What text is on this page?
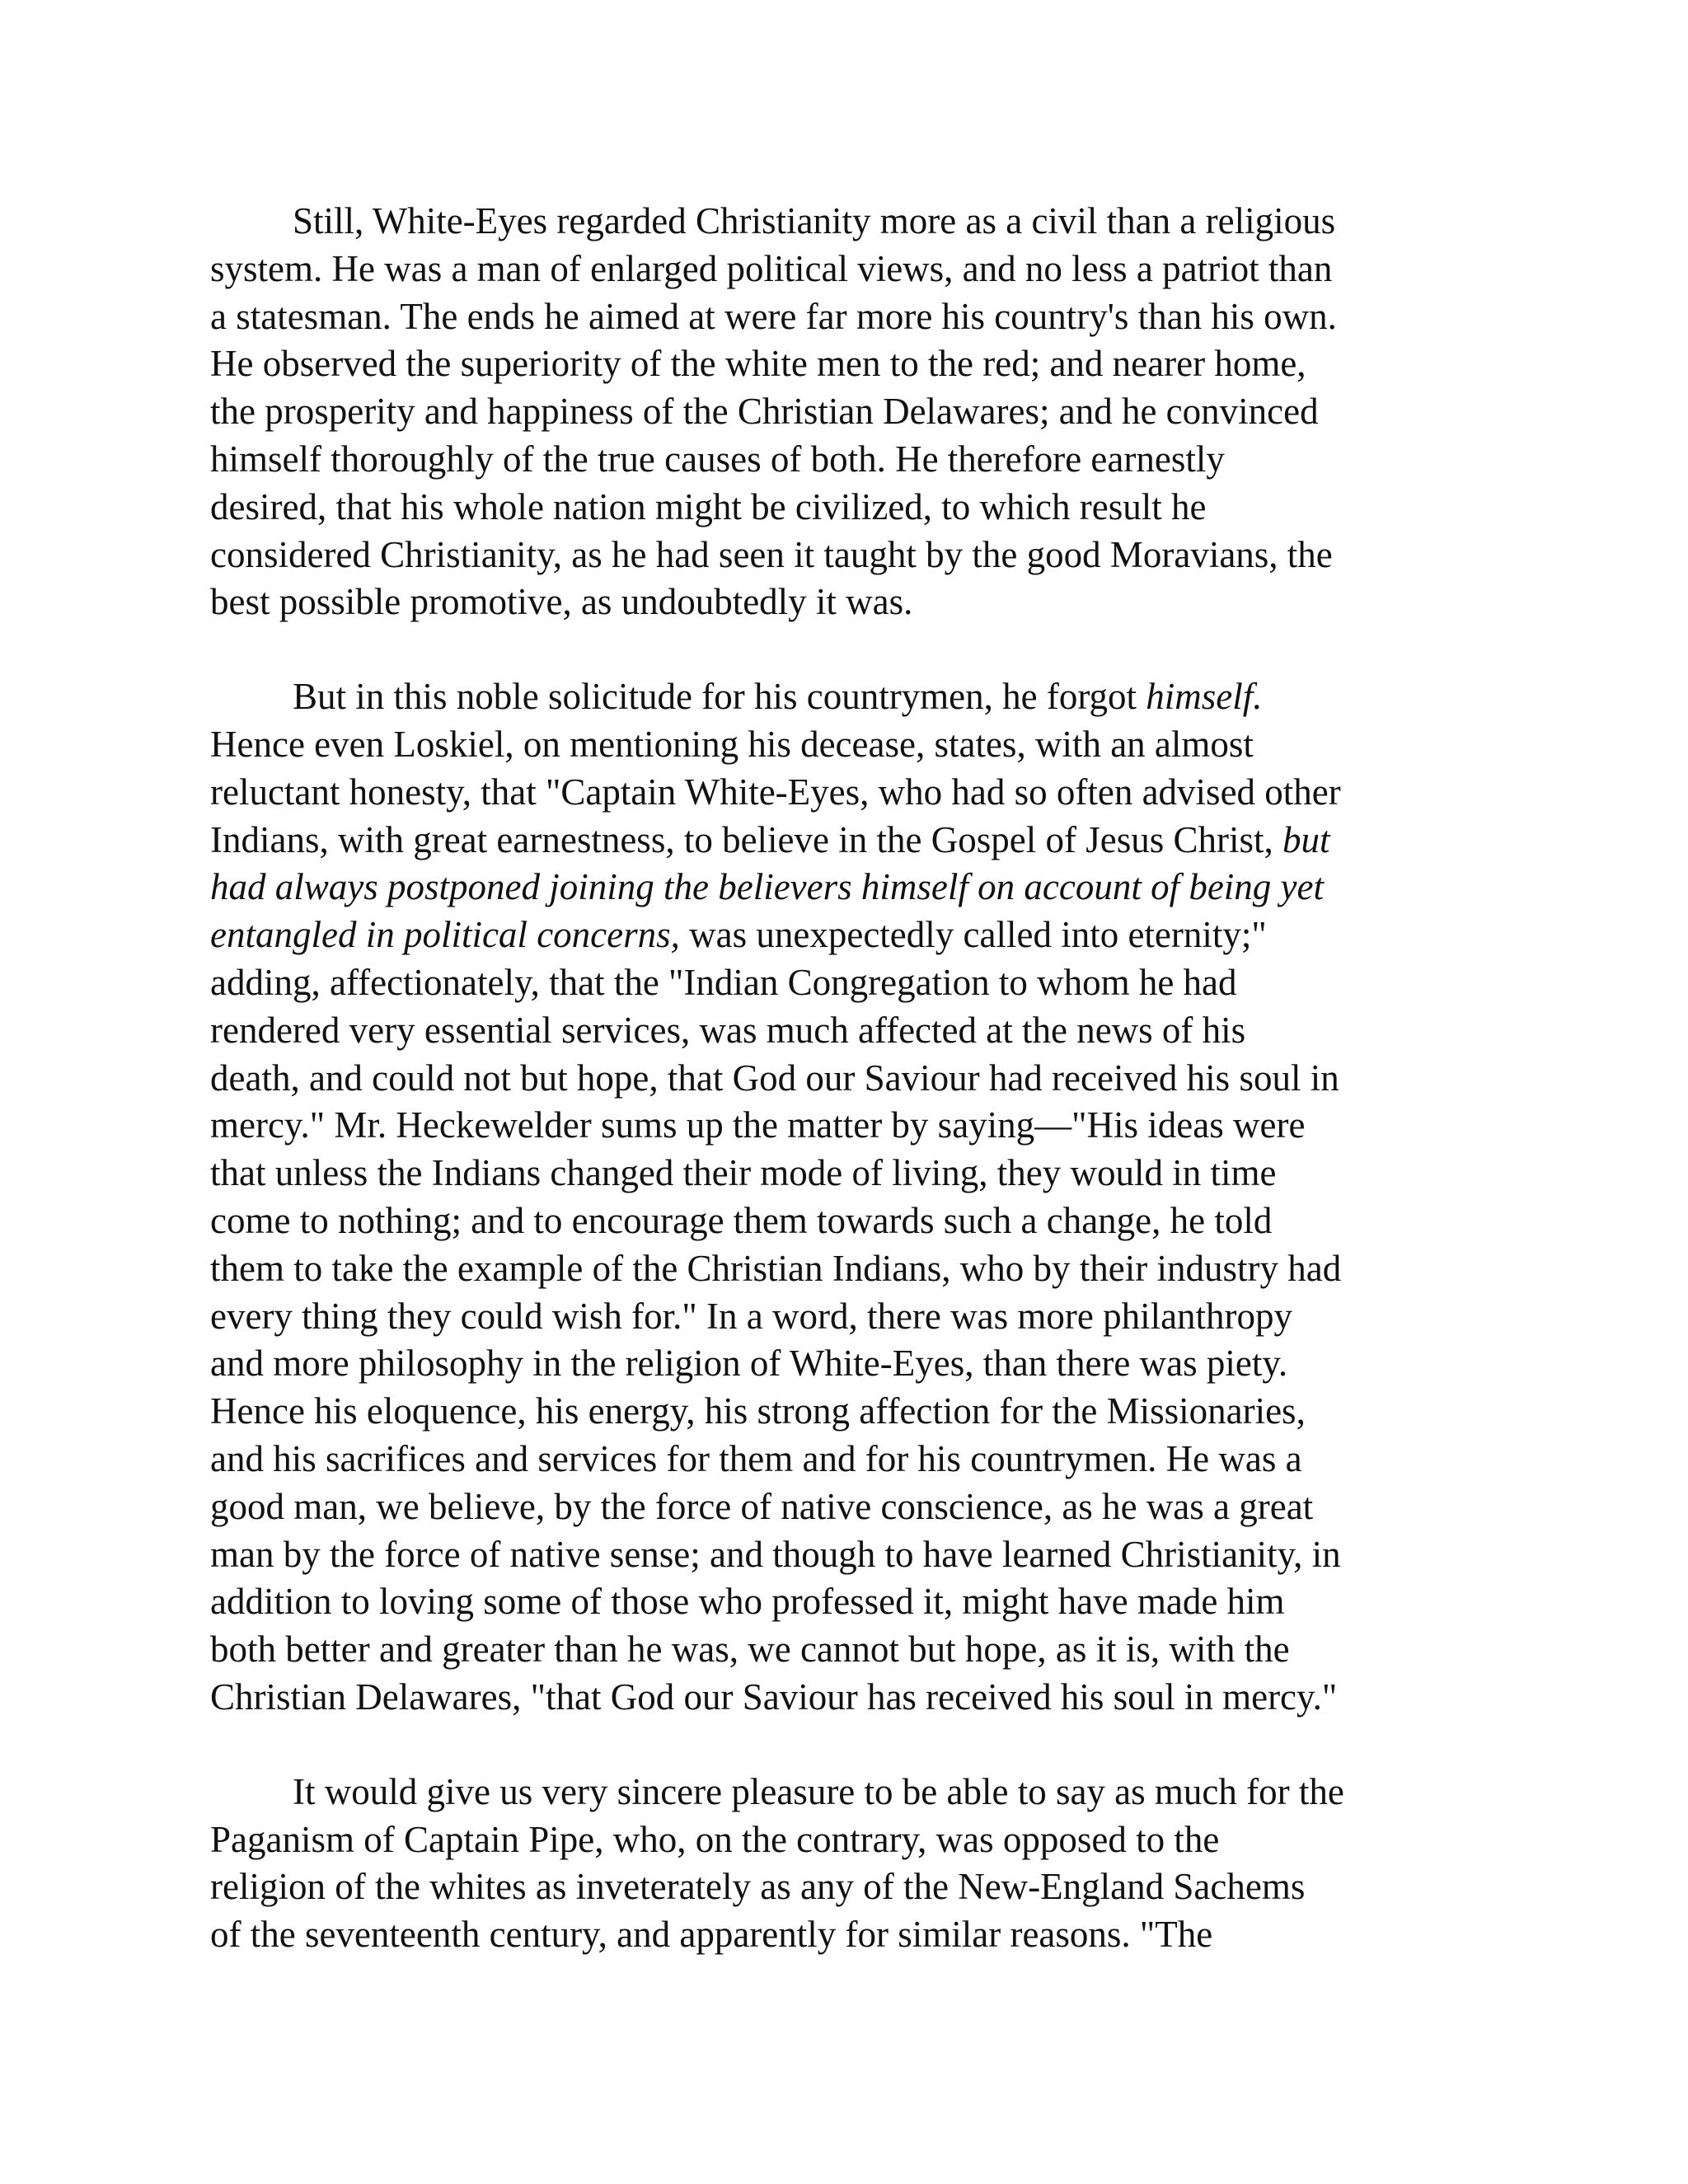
Still, White-Eyes regarded Christianity more as a civil than a religious
system. He was a man of enlarged political views, and no less a patriot than
a statesman. The ends he aimed at were far more his country's than his own.
He observed the superiority of the white men to the red; and nearer home,
the prosperity and happiness of the Christian Delawares; and he convinced
himself thoroughly of the true causes of both. He therefore earnestly
desired, that his whole nation might be civilized, to which result he
considered Christianity, as he had seen it taught by the good Moravians, the
best possible promotive, as undoubtedly it was.

But in this noble solicitude for his countrymen, he forgot himself.
Hence even Loskiel, on mentioning his decease, states, with an almost
reluctant honesty, that "Captain White-Eyes, who had so often advised other
Indians, with great earnestness, to believe in the Gospel of Jesus Christ, but
had always postponed joining the believers himself on account of being yet
entangled in political concerns, was unexpectedly called into eternity;"
adding, affectionately, that the "Indian Congregation to whom he had
rendered very essential services, was much affected at the news of his
death, and could not but hope, that God our Saviour had received his soul in
mercy." Mr. Heckewelder sums up the matter by saying—"His ideas were
that unless the Indians changed their mode of living, they would in time
come to nothing; and to encourage them towards such a change, he told
them to take the example of the Christian Indians, who by their industry had
every thing they could wish for." In a word, there was more philanthropy
and more philosophy in the religion of White-Eyes, than there was piety.
Hence his eloquence, his energy, his strong affection for the Missionaries,
and his sacrifices and services for them and for his countrymen. He was a
good man, we believe, by the force of native conscience, as he was a great
man by the force of native sense; and though to have learned Christianity, in
addition to loving some of those who professed it, might have made him
both better and greater than he was, we cannot but hope, as it is, with the
Christian Delawares, "that God our Saviour has received his soul in mercy."

It would give us very sincere pleasure to be able to say as much for the
Paganism of Captain Pipe, who, on the contrary, was opposed to the
religion of the whites as inveterately as any of the New-England Sachems
of the seventeenth century, and apparently for similar reasons. "The
